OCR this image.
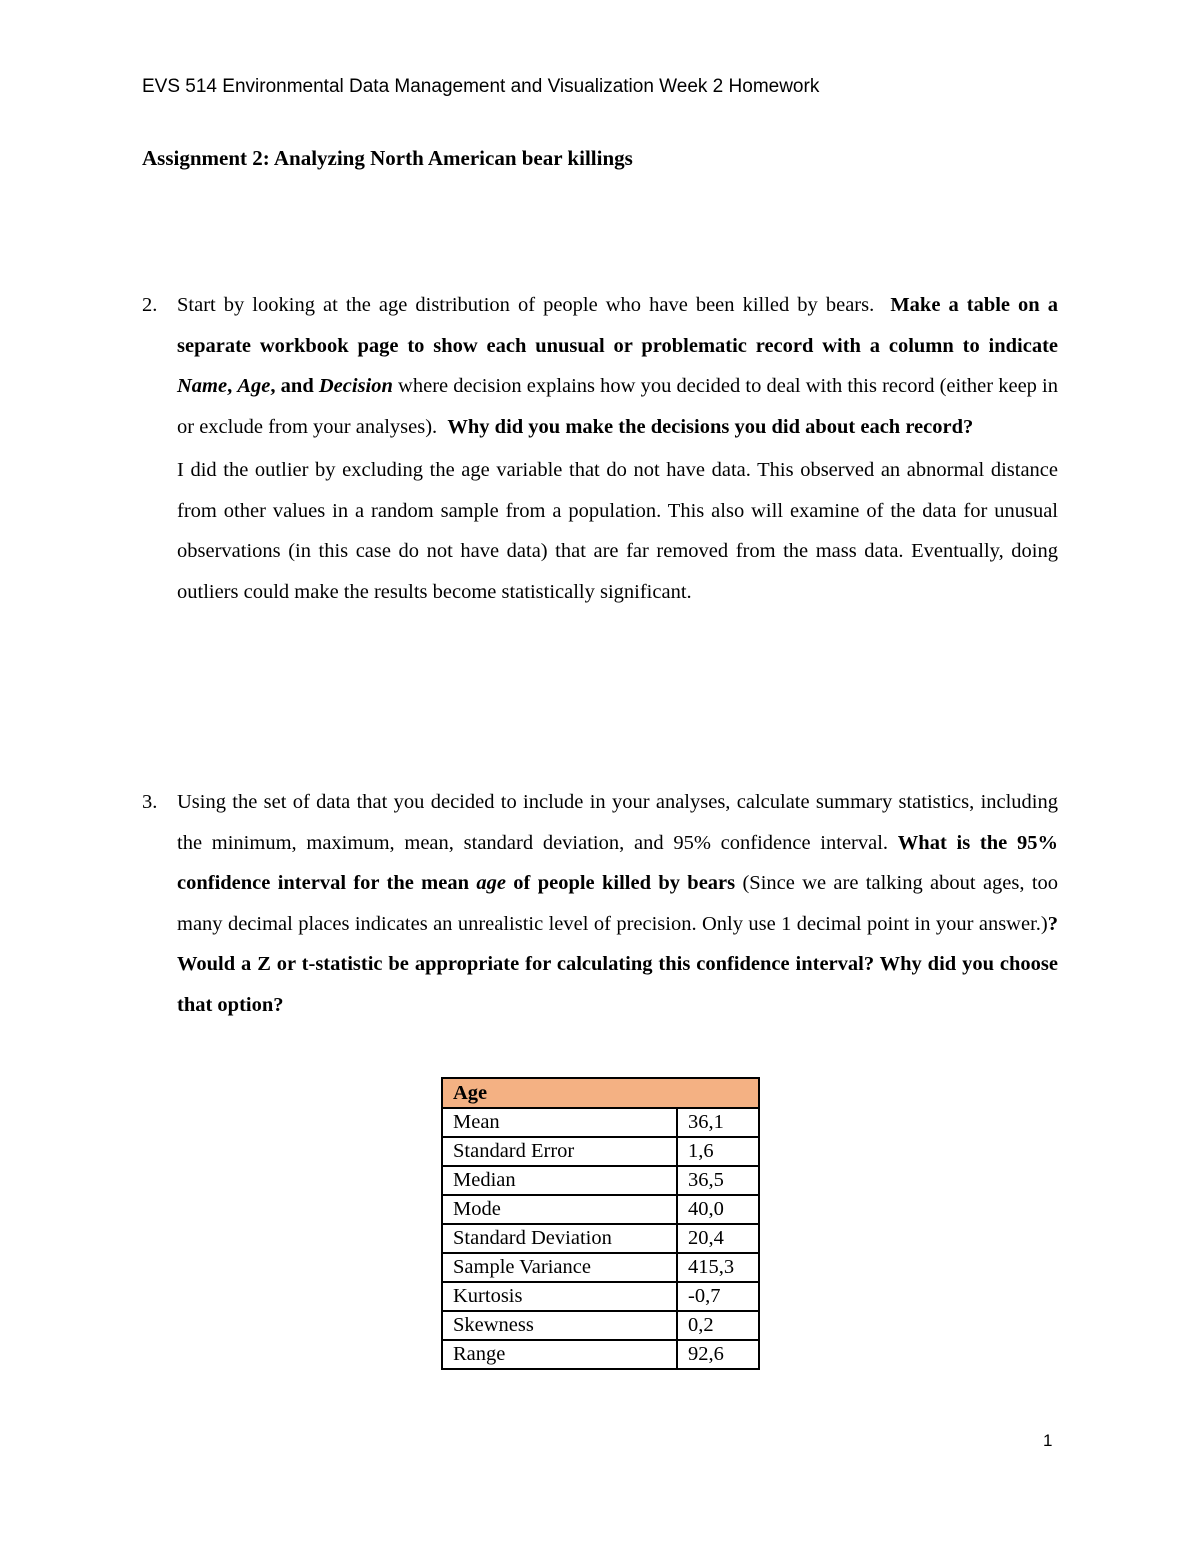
EVS 514 Environmental Data Management and Visualization Week 2 Homework
Assignment 2: Analyzing North American bear killings
2. Start by looking at the age distribution of people who have been killed by bears. Make a table on a separate workbook page to show each unusual or problematic record with a column to indicate Name, Age, and Decision where decision explains how you decided to deal with this record (either keep in or exclude from your analyses). Why did you make the decisions you did about each record?
I did the outlier by excluding the age variable that do not have data. This observed an abnormal distance from other values in a random sample from a population. This also will examine of the data for unusual observations (in this case do not have data) that are far removed from the mass data. Eventually, doing outliers could make the results become statistically significant.
3. Using the set of data that you decided to include in your analyses, calculate summary statistics, including the minimum, maximum, mean, standard deviation, and 95% confidence interval. What is the 95% confidence interval for the mean age of people killed by bears (Since we are talking about ages, too many decimal places indicates an unrealistic level of precision. Only use 1 decimal point in your answer.)? Would a Z or t-statistic be appropriate for calculating this confidence interval? Why did you choose that option?
Age	
Mean	36,1
Standard Error	1,6
Median	36,5
Mode	40,0
Standard Deviation	20,4
Sample Variance	415,3
Kurtosis	-0,7
Skewness	0,2
Range	92,6
1
